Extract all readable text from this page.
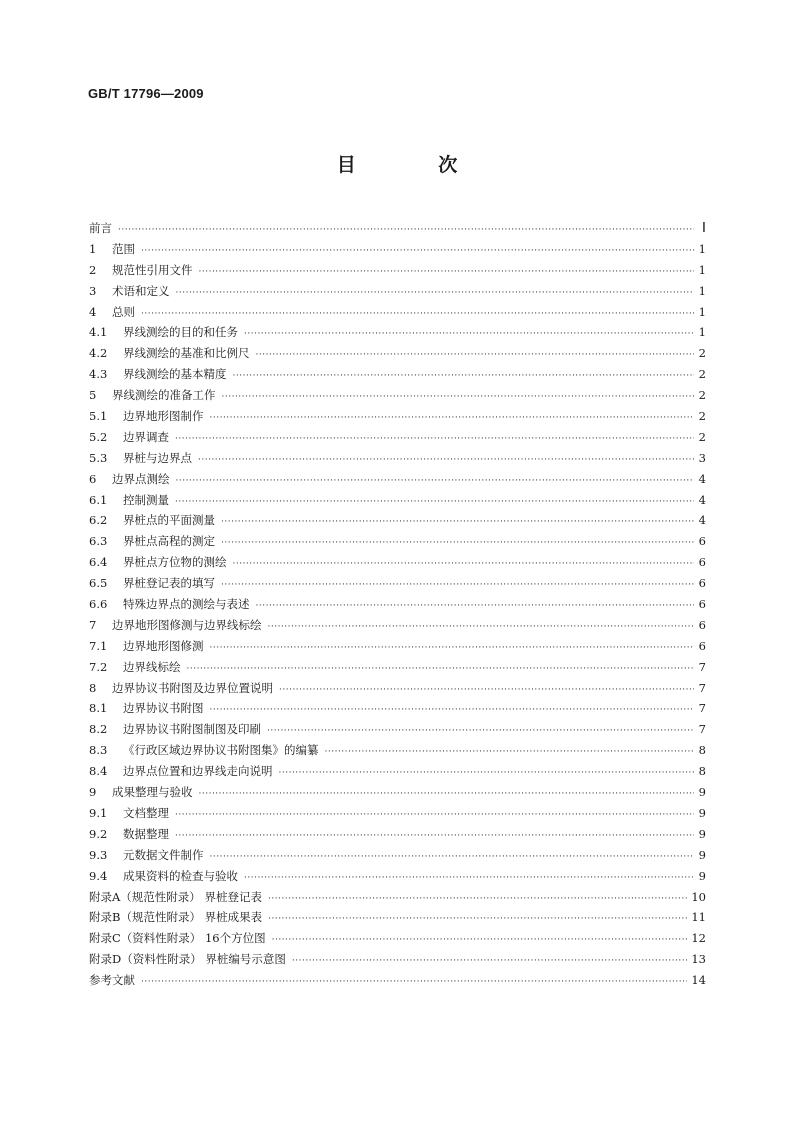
GB/T 17796—2009
目 次
前言 ·····	Ⅰ
1	范围 ·····	1
2	规范性引用文件 ·····	1
3	术语和定义 ·····	1
4	总则 ·····	1
4.1	界线测绘的目的和任务 ·····	1
4.2	界线测绘的基准和比例尺 ·····	2
4.3	界线测绘的基本精度 ·····	2
5	界线测绘的准备工作 ·····	2
5.1	边界地形图制作 ·····	2
5.2	边界调查 ·····	2
5.3	界桩与边界点 ·····	3
6	边界点测绘 ·····	4
6.1	控制测量 ·····	4
6.2	界桩点的平面测量 ·····	4
6.3	界桩点高程的测定 ·····	6
6.4	界桩点方位物的测绘 ·····	6
6.5	界桩登记表的填写 ·····	6
6.6	特殊边界点的测绘与表述 ·····	6
7	边界地形图修测与边界线标绘 ·····	6
7.1	边界地形图修测 ·····	6
7.2	边界线标绘 ·····	7
8	边界协议书附图及边界位置说明 ·····	7
8.1	边界协议书附图 ·····	7
8.2	边界协议书附图制图及印刷 ·····	7
8.3	《行政区域边界协议书附图集》的编纂 ·····	8
8.4	边界点位置和边界线走向说明 ·····	8
9	成果整理与验收 ·····	9
9.1	文档整理 ·····	9
9.2	数据整理 ·····	9
9.3	元数据文件制作 ·····	9
9.4	成果资料的检查与验收 ·····	9
附录A（规范性附录） 界桩登记表 ·····	10
附录B（规范性附录） 界桩成果表 ·····	11
附录C（资料性附录） 16个方位图 ·····	12
附录D（资料性附录） 界桩编号示意图 ·····	13
参考文献 ·····	14
